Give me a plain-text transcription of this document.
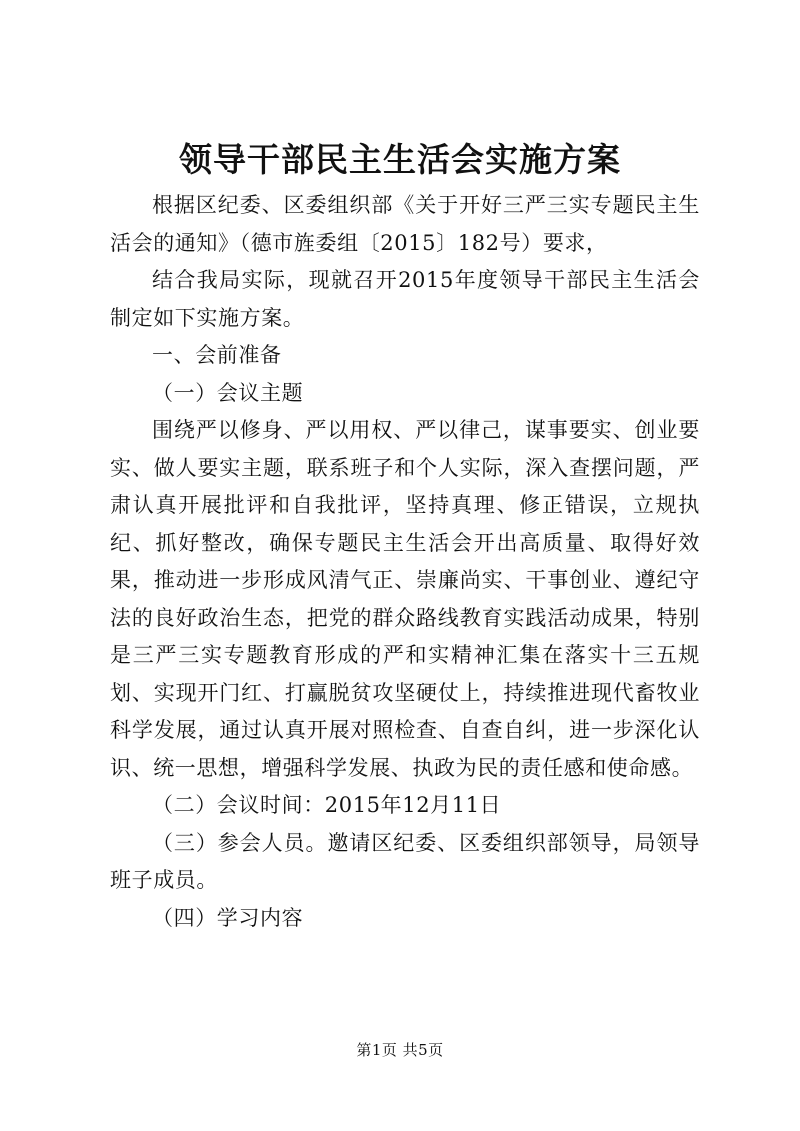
领导干部民主生活会实施方案

根据区纪委、区委组织部《关于开好三严三实专题民主生活会的通知》（德市旌委组〔2015〕182号）要求，

结合我局实际，现就召开2015年度领导干部民主生活会制定如下实施方案。

一、会前准备

（一）会议主题

围绕严以修身、严以用权、严以律己，谋事要实、创业要实、做人要实主题，联系班子和个人实际，深入查摆问题，严肃认真开展批评和自我批评，坚持真理、修正错误，立规执纪、抓好整改，确保专题民主生活会开出高质量、取得好效果，推动进一步形成风清气正、崇廉尚实、干事创业、遵纪守法的良好政治生态，把党的群众路线教育实践活动成果，特别是三严三实专题教育形成的严和实精神汇集在落实十三五规划、实现开门红、打赢脱贫攻坚硬仗上，持续推进现代畜牧业科学发展，通过认真开展对照检查、自查自纠，进一步深化认识、统一思想，增强科学发展、执政为民的责任感和使命感。

（二）会议时间：2015年12月11日

（三）参会人员。邀请区纪委、区委组织部领导，局领导班子成员。

（四）学习内容

第1页 共5页
